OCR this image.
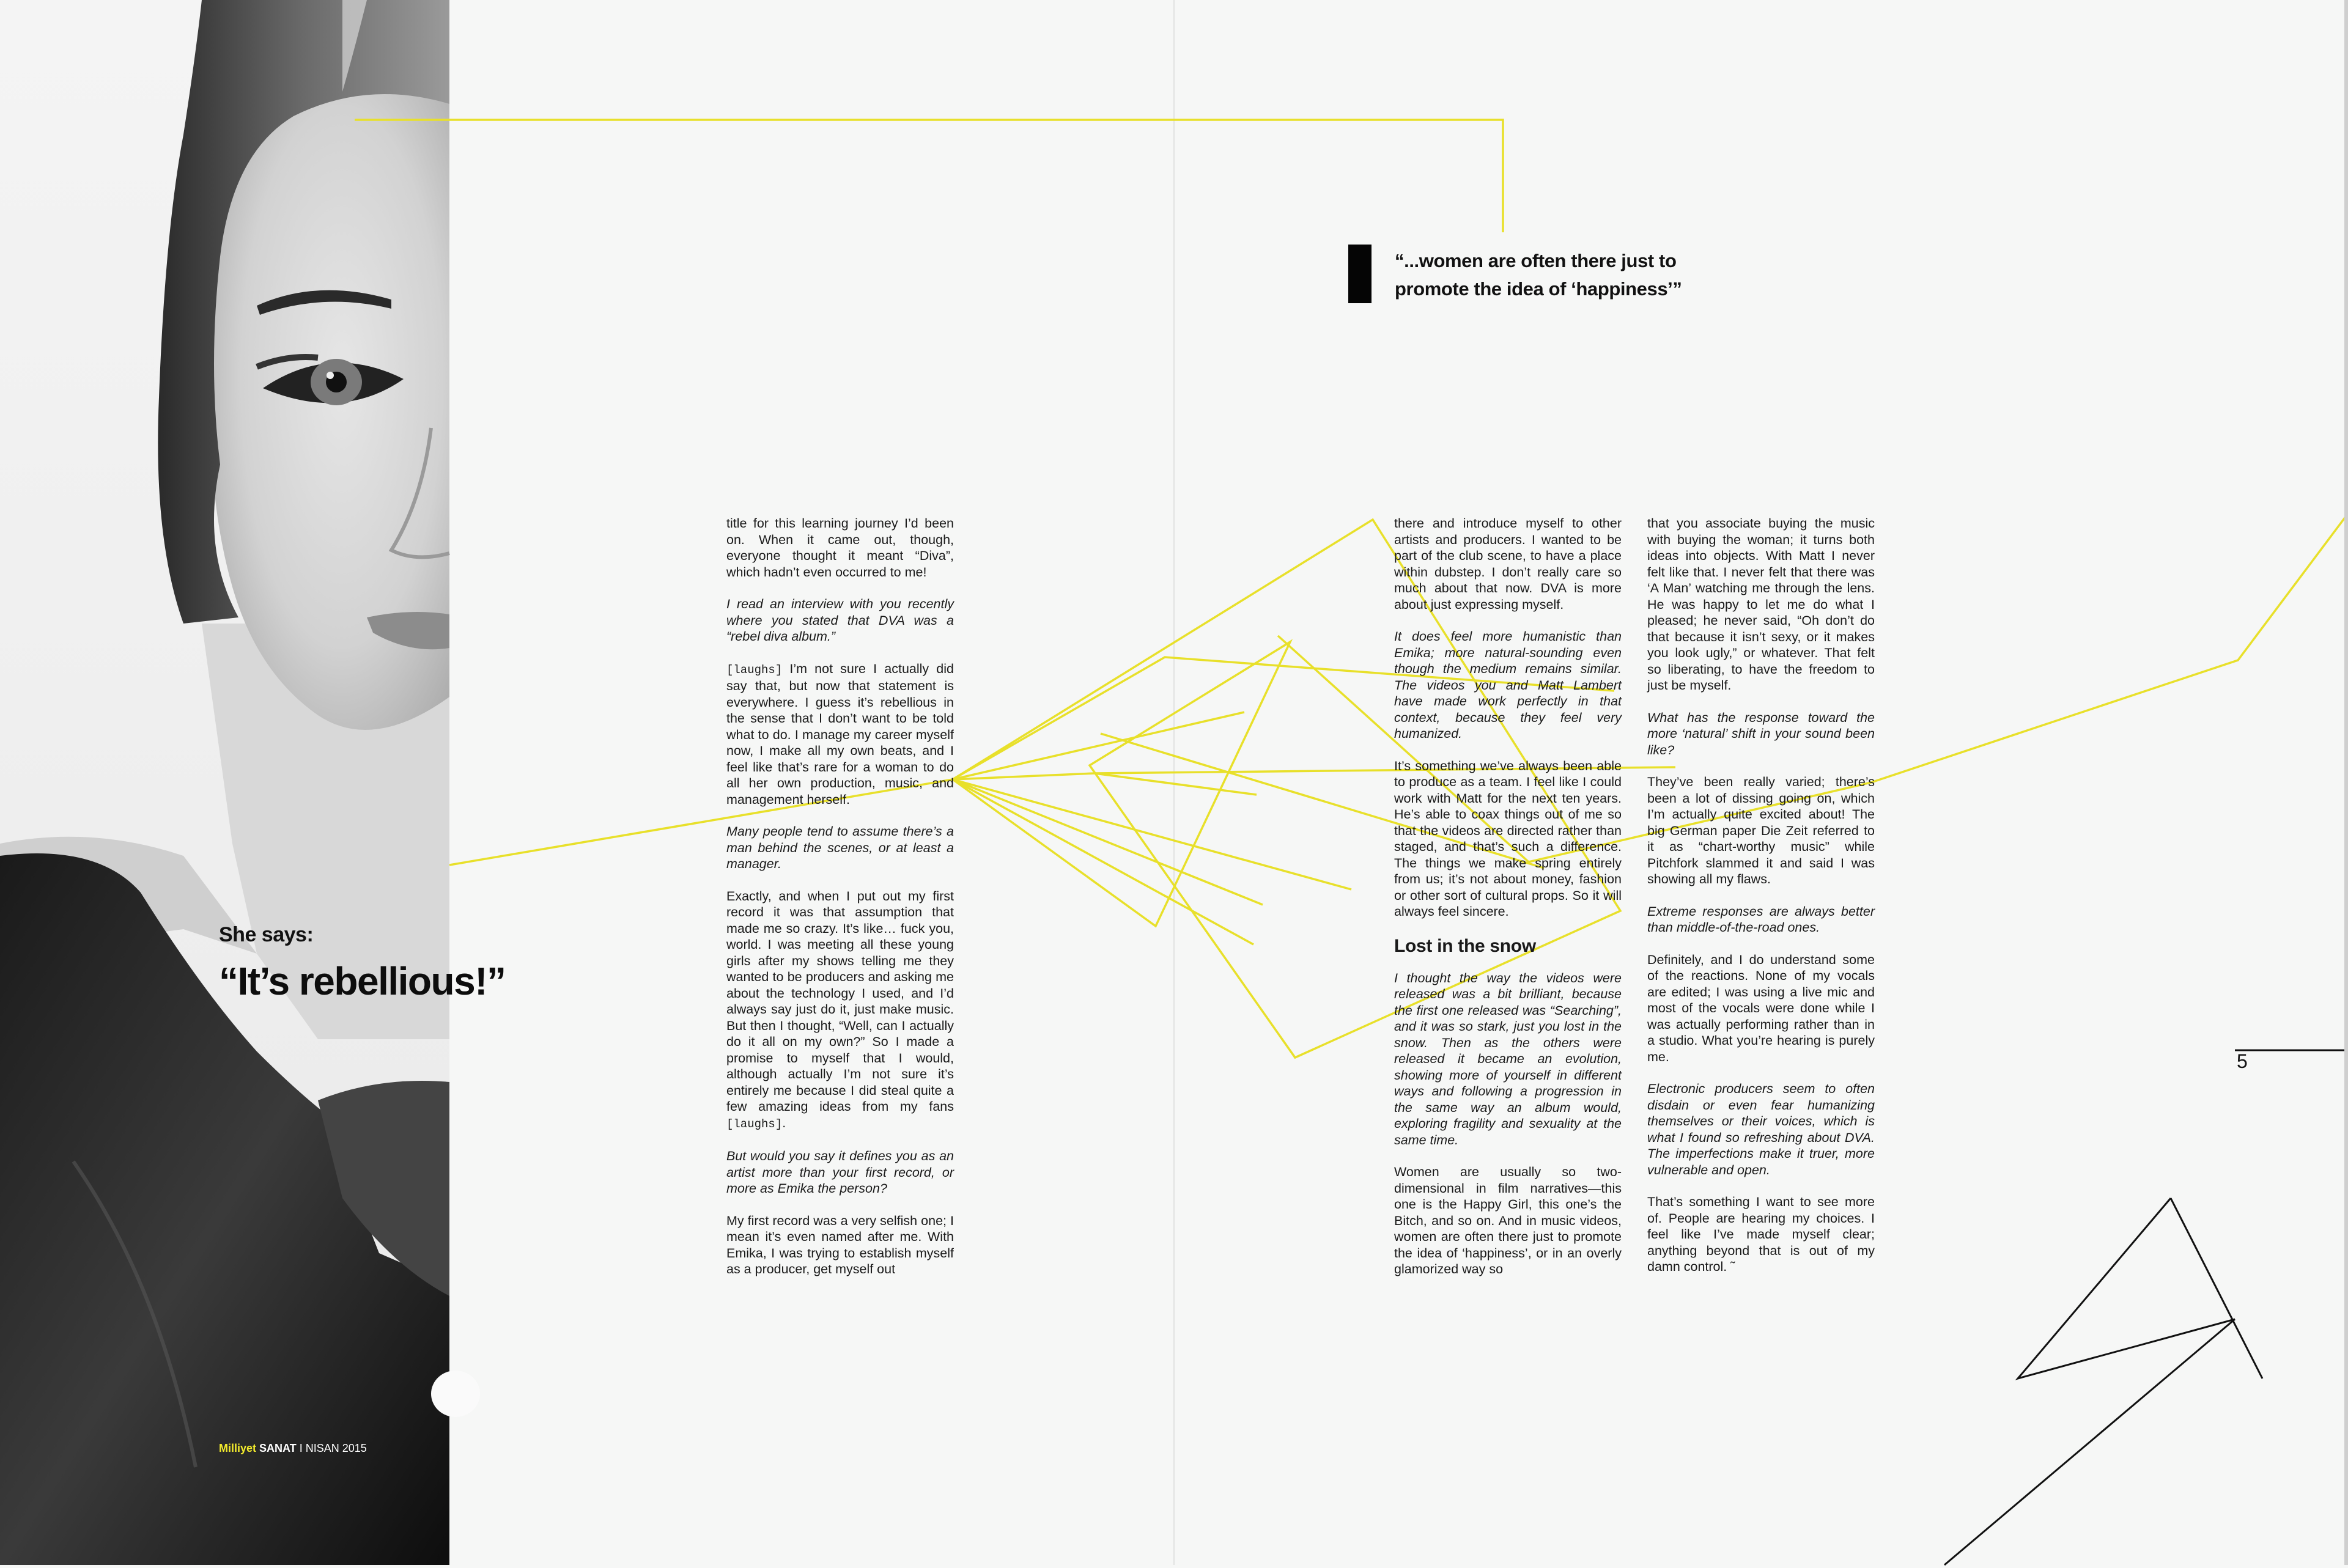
She says:
“It’s rebellious!”
Milliyet SANAT I NISAN 2015
“...women are often there just to promote the idea of ‘happiness’”

title for this learning journey I’d been on. When it came out, though, everyone thought it meant “Diva”, which hadn’t even occurred to me!

I read an interview with you recently where you stated that DVA was a “rebel diva album.”

[laughs] I’m not sure I actually did say that, but now that statement is everywhere. I guess it’s rebellious in the sense that I don’t want to be told what to do. I manage my career myself now, I make all my own beats, and I feel like that’s rare for a woman to do all her own production, music, and management herself.

Many people tend to assume there’s a man behind the scenes, or at least a manager.

Exactly, and when I put out my first record it was that assumption that made me so crazy. It’s like… fuck you, world. I was meeting all these young girls after my shows telling me they wanted to be producers and asking me about the technology I used, and I’d always say just do it, just make music. But then I thought, “Well, can I actually do it all on my own?” So I made a promise to myself that I would, although actually I’m not sure it’s entirely me because I did steal quite a few amazing ideas from my fans [laughs].

But would you say it defines you as an artist more than your first record, or more as Emika the person?

My first record was a very selfish one; I mean it’s even named after me. With Emika, I was trying to establish myself as a producer, get myself out

there and introduce myself to other artists and producers. I wanted to be part of the club scene, to have a place within dubstep. I don’t really care so much about that now. DVA is more about just expressing myself.

It does feel more humanistic than Emika; more natural-sounding even though the medium remains similar. The videos you and Matt Lambert have made work perfectly in that context, because they feel very humanized.

It’s something we’ve always been able to produce as a team. I feel like I could work with Matt for the next ten years. He’s able to coax things out of me so that the videos are directed rather than staged, and that’s such a difference. The things we make spring entirely from us; it’s not about money, fashion or other sort of cultural props. So it will always feel sincere.

Lost in the snow

I thought the way the videos were released was a bit brilliant, because the first one released was “Searching”, and it was so stark, just you lost in the snow. Then as the others were released it became an evolution, showing more of yourself in different ways and following a progression in the same way an album would, exploring fragility and sexuality at the same time.

Women are usually so two-dimensional in film narratives—this one is the Happy Girl, this one’s the Bitch, and so on. And in music videos, women are often there just to promote the idea of ‘happiness’, or in an overly glamorized way so

that you associate buying the music with buying the woman; it turns both ideas into objects. With Matt I never felt like that. I never felt that there was ‘A Man’ watching me through the lens. He was happy to let me do what I pleased; he never said, “Oh don’t do that because it isn’t sexy, or it makes you look ugly,” or whatever. That felt so liberating, to have the freedom to just be myself.

What has the response toward the more ‘natural’ shift in your sound been like?

They’ve been really varied; there’s been a lot of dissing going on, which I’m actually quite excited about! The big German paper Die Zeit referred to it as “chart-worthy music” while Pitchfork slammed it and said I was showing all my flaws.

Extreme responses are always better than middle-of-the-road ones.

Definitely, and I do understand some of the reactions. None of my vocals are edited; I was using a live mic and most of the vocals were done while I was actually performing rather than in a studio. What you’re hearing is purely me.

Electronic producers seem to often disdain or even fear humanizing themselves or their voices, which is what I found so refreshing about DVA. The imperfections make it truer, more vulnerable and open.

That’s something I want to see more of. People are hearing my choices. I feel like I’ve made myself clear; anything beyond that is out of my damn control. ˜

5
